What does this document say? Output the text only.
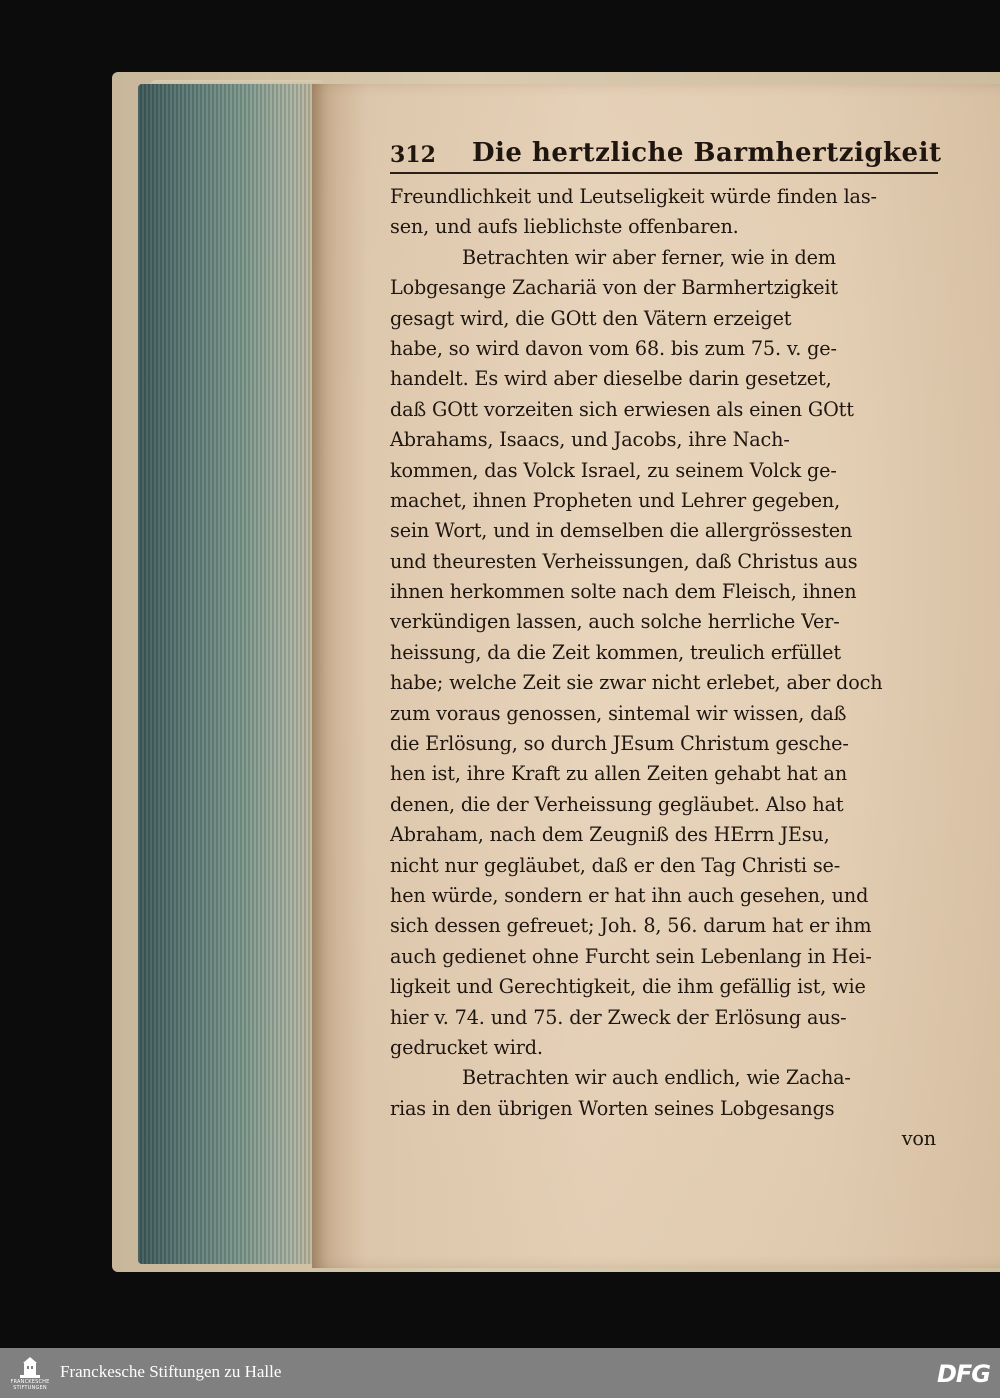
312 Die hertzliche Barmhertzigkeit
Freundlichkeit und Leutseligkeit würde finden las-
sen, und aufs lieblichste offenbaren.
Betrachten wir aber ferner, wie in dem
Lobgesange Zachariä von der Barmhertzigkeit
gesagt wird, die GOtt den Vätern erzeiget
habe, so wird davon vom 68. bis zum 75. v. ge-
handelt. Es wird aber dieselbe darin gesetzet,
daß GOtt vorzeiten sich erwiesen als einen GOtt
Abrahams, Isaacs, und Jacobs, ihre Nach-
kommen, das Volck Israel, zu seinem Volck ge-
machet, ihnen Propheten und Lehrer gegeben,
sein Wort, und in demselben die allergrössesten
und theuresten Verheissungen, daß Christus aus
ihnen herkommen solte nach dem Fleisch, ihnen
verkündigen lassen, auch solche herrliche Ver-
heissung, da die Zeit kommen, treulich erfüllet
habe; welche Zeit sie zwar nicht erlebet, aber doch
zum voraus genossen, sintemal wir wissen, daß
die Erlösung, so durch JEsum Christum gesche-
hen ist, ihre Kraft zu allen Zeiten gehabt hat an
denen, die der Verheissung gegläubet. Also hat
Abraham, nach dem Zeugniß des HErrn JEsu,
nicht nur gegläubet, daß er den Tag Christi se-
hen würde, sondern er hat ihn auch gesehen, und
sich dessen gefreuet; Joh. 8, 56. darum hat er ihm
auch gedienet ohne Furcht sein Lebenlang in Hei-
ligkeit und Gerechtigkeit, die ihm gefällig ist, wie
hier v. 74. und 75. der Zweck der Erlösung aus-
gedrucket wird.
Betrachten wir auch endlich, wie Zacha-
rias in den übrigen Worten seines Lobgesangs
von
FRANCKESCHE STIFTUNGEN
Franckesche Stiftungen zu Halle	DFG
